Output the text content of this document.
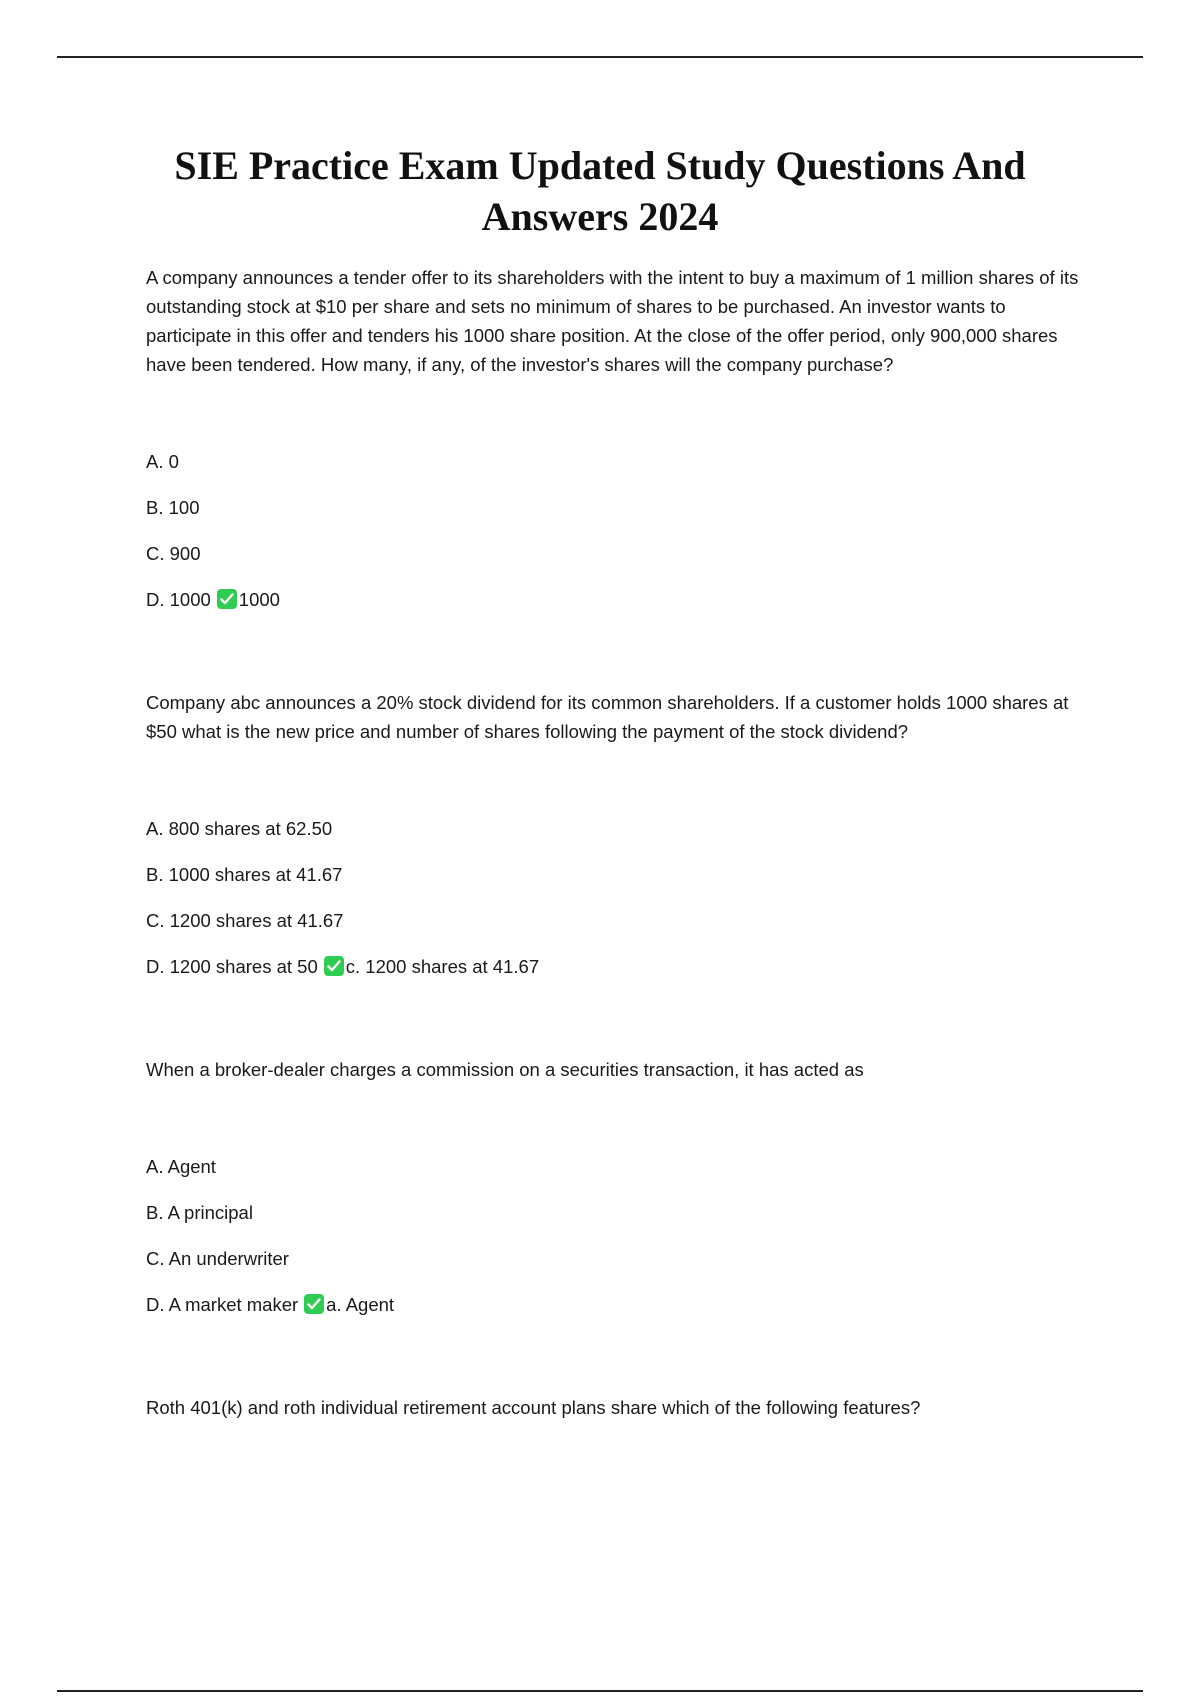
SIE Practice Exam Updated Study Questions And Answers 2024

A company announces a tender offer to its shareholders with the intent to buy a maximum of 1 million shares of its outstanding stock at $10 per share and sets no minimum of shares to be purchased. An investor wants to participate in this offer and tenders his 1000 share position. At the close of the offer period, only 900,000 shares have been tendered. How many, if any, of the investor's shares will the company purchase?

A. 0
B. 100
C. 900
D. 1000 1000

Company abc announces a 20% stock dividend for its common shareholders. If a customer holds 1000 shares at $50 what is the new price and number of shares following the payment of the stock dividend?

A. 800 shares at 62.50
B. 1000 shares at 41.67
C. 1200 shares at 41.67
D. 1200 shares at 50 c. 1200 shares at 41.67

When a broker-dealer charges a commission on a securities transaction, it has acted as

A. Agent
B. A principal
C. An underwriter
D. A market maker a. Agent

Roth 401(k) and roth individual retirement account plans share which of the following features?
